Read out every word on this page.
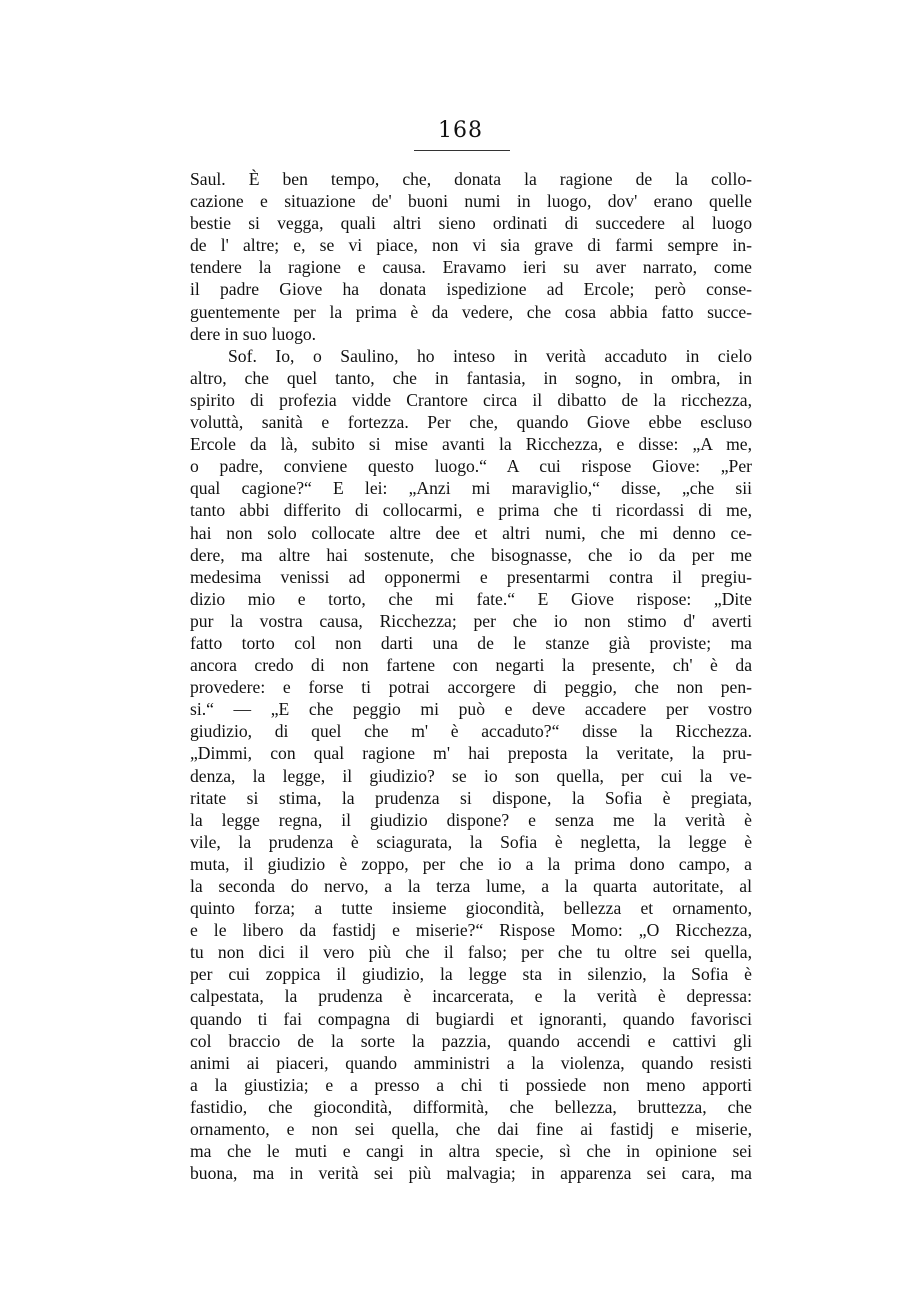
168
Saul. È ben tempo, che, donata la ragione de la collo-
cazione e situazione de' buoni numi in luogo, dov' erano quelle
bestie si vegga, quali altri sieno ordinati di succedere al luogo
de l' altre; e, se vi piace, non vi sia grave di farmi sempre in-
tendere la ragione e causa. Eravamo ieri su aver narrato, come
il padre Giove ha donata ispedizione ad Ercole; però conse-
guentemente per la prima è da vedere, che cosa abbia fatto succe-
dere in suo luogo.
Sof. Io, o Saulino, ho inteso in verità accaduto in cielo
altro, che quel tanto, che in fantasia, in sogno, in ombra, in
spirito di profezia vidde Crantore circa il dibatto de la ricchezza,
voluttà, sanità e fortezza. Per che, quando Giove ebbe escluso
Ercole da là, subito si mise avanti la Ricchezza, e disse: „A me,
o padre, conviene questo luogo.“ A cui rispose Giove: „Per
qual cagione?“ E lei: „Anzi mi maraviglio,“ disse, „che sii
tanto abbi differito di collocarmi, e prima che ti ricordassi di me,
hai non solo collocate altre dee et altri numi, che mi denno ce-
dere, ma altre hai sostenute, che bisognasse, che io da per me
medesima venissi ad opponermi e presentarmi contra il pregiu-
dizio mio e torto, che mi fate.“ E Giove rispose: „Dite
pur la vostra causa, Ricchezza; per che io non stimo d' averti
fatto torto col non darti una de le stanze già proviste; ma
ancora credo di non fartene con negarti la presente, ch' è da
provedere: e forse ti potrai accorgere di peggio, che non pen-
si.“ — „E che peggio mi può e deve accadere per vostro
giudizio, di quel che m' è accaduto?“ disse la Ricchezza.
„Dimmi, con qual ragione m' hai preposta la veritate, la pru-
denza, la legge, il giudizio? se io son quella, per cui la ve-
ritate si stima, la prudenza si dispone, la Sofia è pregiata,
la legge regna, il giudizio dispone? e senza me la verità è
vile, la prudenza è sciagurata, la Sofia è negletta, la legge è
muta, il giudizio è zoppo, per che io a la prima dono campo, a
la seconda do nervo, a la terza lume, a la quarta autoritate, al
quinto forza; a tutte insieme giocondità, bellezza et ornamento,
e le libero da fastidj e miserie?“ Rispose Momo: „O Ricchezza,
tu non dici il vero più che il falso; per che tu oltre sei quella,
per cui zoppica il giudizio, la legge sta in silenzio, la Sofia è
calpestata, la prudenza è incarcerata, e la verità è depressa:
quando ti fai compagna di bugiardi et ignoranti, quando favorisci
col braccio de la sorte la pazzia, quando accendi e cattivi gli
animi ai piaceri, quando amministri a la violenza, quando resisti
a la giustizia; e a presso a chi ti possiede non meno apporti
fastidio, che giocondità, difformità, che bellezza, bruttezza, che
ornamento, e non sei quella, che dai fine ai fastidj e miserie,
ma che le muti e cangi in altra specie, sì che in opinione sei
buona, ma in verità sei più malvagia; in apparenza sei cara, ma
